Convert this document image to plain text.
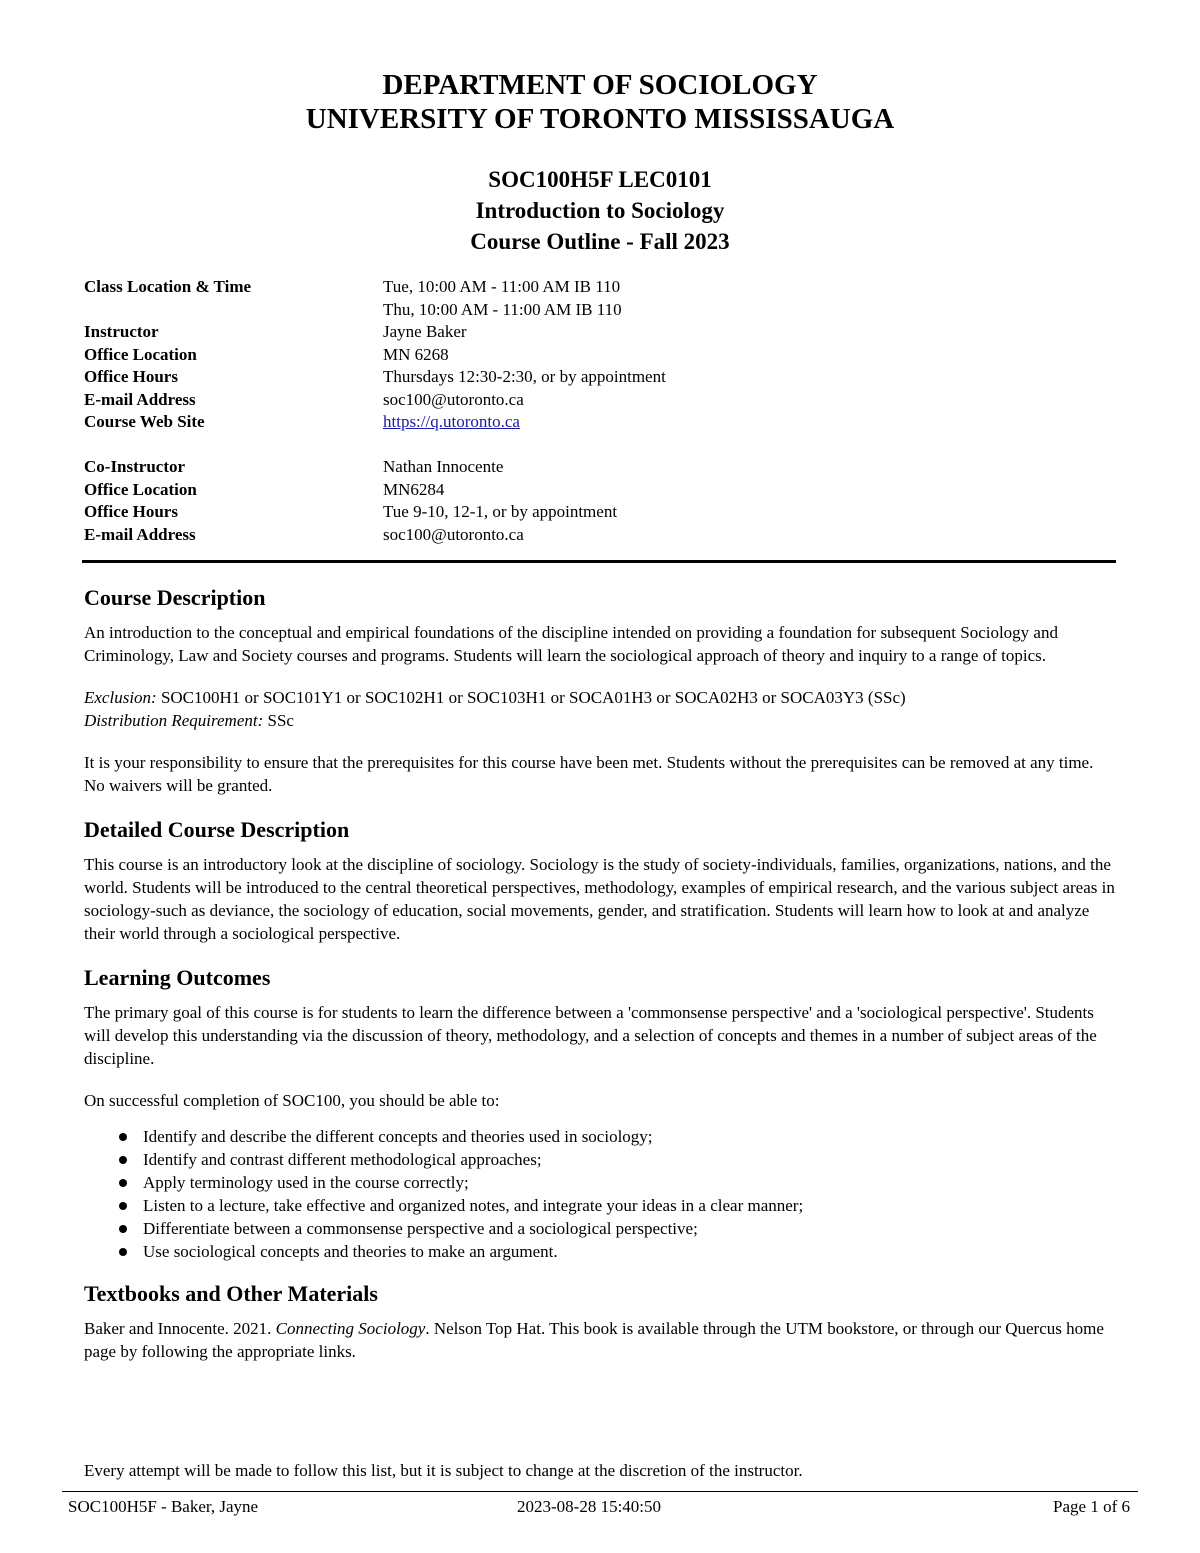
DEPARTMENT OF SOCIOLOGY
UNIVERSITY OF TORONTO MISSISSAUGA
SOC100H5F LEC0101
Introduction to Sociology
Course Outline - Fall 2023
Class Location & Time	Tue, 10:00 AM - 11:00 AM IB 110
Thu, 10:00 AM - 11:00 AM IB 110
Instructor	Jayne Baker
Office Location	MN 6268
Office Hours	Thursdays 12:30-2:30, or by appointment
E-mail Address	soc100@utoronto.ca
Course Web Site	https://q.utoronto.ca
Co-Instructor	Nathan Innocente
Office Location	MN6284
Office Hours	Tue 9-10, 12-1, or by appointment
E-mail Address	soc100@utoronto.ca
Course Description

An introduction to the conceptual and empirical foundations of the discipline intended on providing a foundation for subsequent Sociology and Criminology, Law and Society courses and programs. Students will learn the sociological approach of theory and inquiry to a range of topics.

Exclusion: SOC100H1 or SOC101Y1 or SOC102H1 or SOC103H1 or SOCA01H3 or SOCA02H3 or SOCA03Y3 (SSc)
Distribution Requirement: SSc

It is your responsibility to ensure that the prerequisites for this course have been met. Students without the prerequisites can be removed at any time. No waivers will be granted.

Detailed Course Description

This course is an introductory look at the discipline of sociology. Sociology is the study of society-individuals, families, organizations, nations, and the world. Students will be introduced to the central theoretical perspectives, methodology, examples of empirical research, and the various subject areas in sociology-such as deviance, the sociology of education, social movements, gender, and stratification. Students will learn how to look at and analyze their world through a sociological perspective.

Learning Outcomes

The primary goal of this course is for students to learn the difference between a 'commonsense perspective' and a 'sociological perspective'. Students will develop this understanding via the discussion of theory, methodology, and a selection of concepts and themes in a number of subject areas of the discipline.

On successful completion of SOC100, you should be able to:

Identify and describe the different concepts and theories used in sociology;
Identify and contrast different methodological approaches;
Apply terminology used in the course correctly;
Listen to a lecture, take effective and organized notes, and integrate your ideas in a clear manner;
Differentiate between a commonsense perspective and a sociological perspective;
Use sociological concepts and theories to make an argument.
Textbooks and Other Materials

Baker and Innocente. 2021. Connecting Sociology. Nelson Top Hat. This book is available through the UTM bookstore, or through our Quercus home page by following the appropriate links.

Every attempt will be made to follow this list, but it is subject to change at the discretion of the instructor.
SOC100H5F - Baker, Jayne	2023-08-28 15:40:50	Page 1 of 6
